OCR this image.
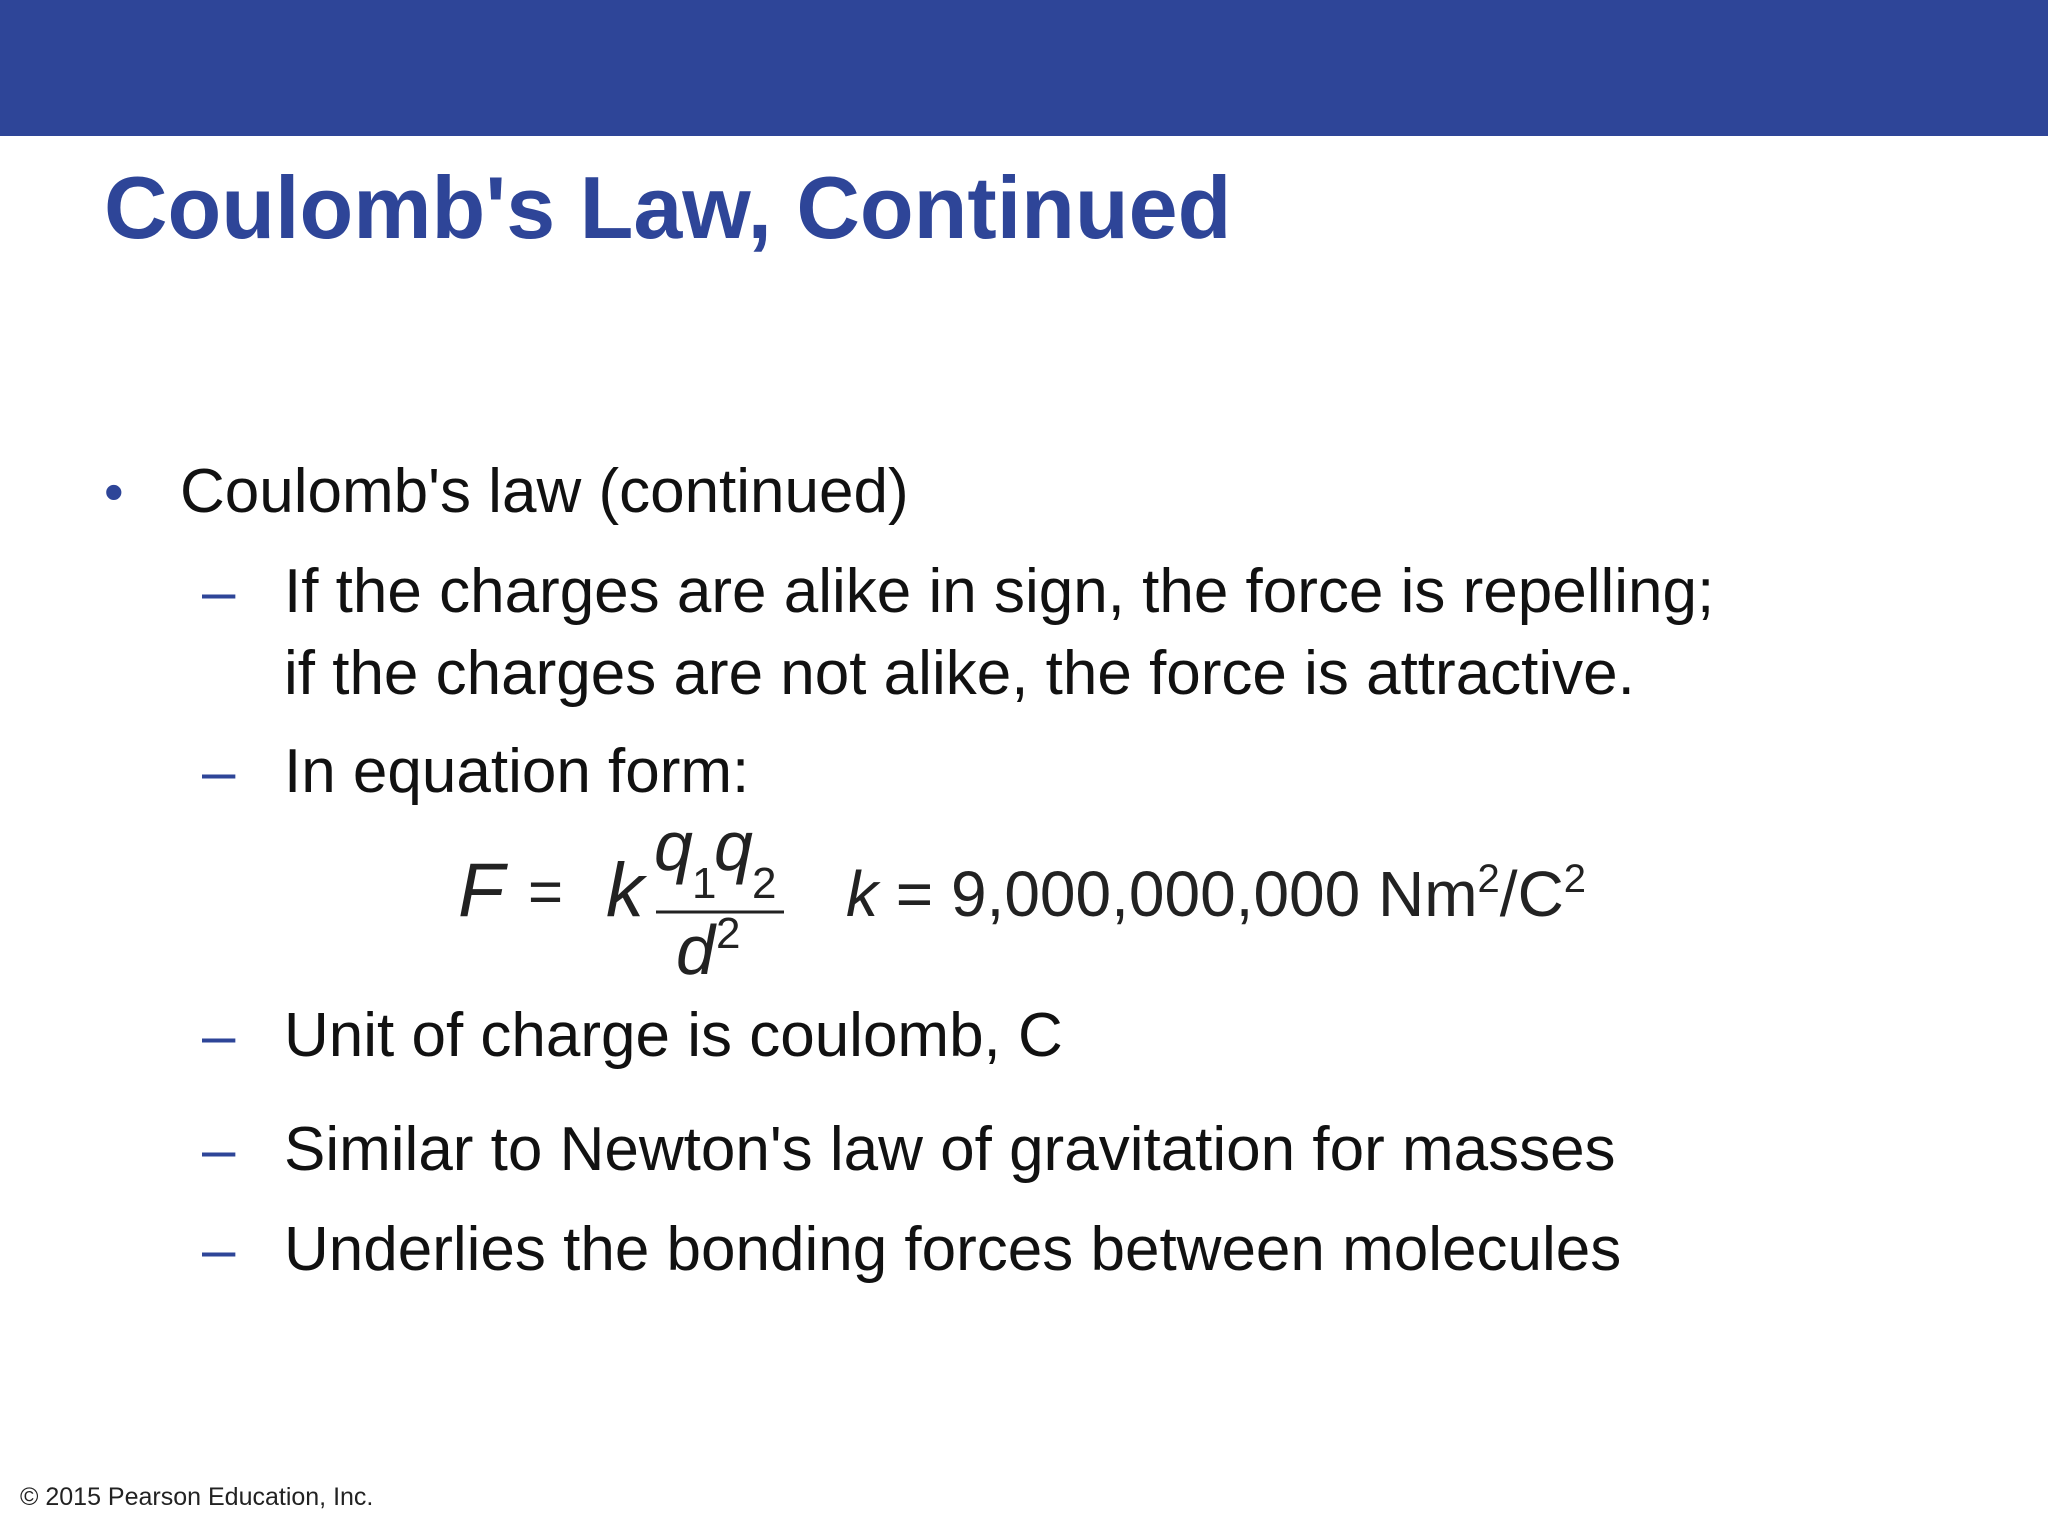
Coulomb's Law, Continued
• Coulomb's law (continued)
– If the charges are alike in sign, the force is repelling;
if the charges are not alike, the force is attractive.
– In equation form:
F = k
q 1
q 2
d 2
k = 9,000,000,000 $Nm^2/C^2$
– Unit of charge is coulomb, C
– Similar to Newton's law of gravitation for masses
– Underlies the bonding forces between molecules
© 2015 Pearson Education, Inc.
